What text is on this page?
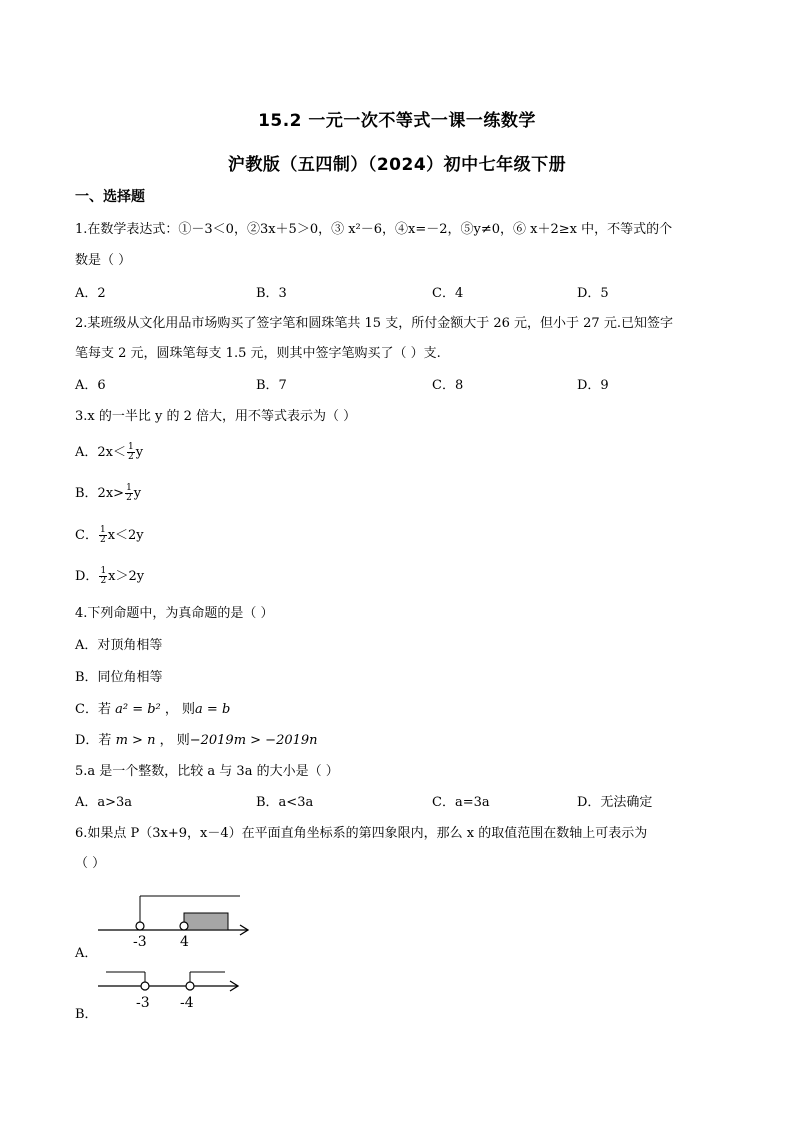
15.2 一元一次不等式一课一练数学
沪教版（五四制）（2024）初中七年级下册
一、选择题
1.在数学表达式：①－3＜0，②3x＋5＞0，③ x²－6，④x=－2，⑤y≠0，⑥ x＋2≥x 中，不等式的个
数是（ ）
A．2	B．3	C．4	D．5
2.某班级从文化用品市场购买了签字笔和圆珠笔共 15 支，所付金额大于 26 元，但小于 27 元.已知签字
笔每支 2 元，圆珠笔每支 1.5 元，则其中签字笔购买了（ ）支.
A．6	B．7	C．8	D．9
3.x 的一半比 y 的 2 倍大，用不等式表示为（ ）
A．$2x< \frac{1}{2}$ y
B．$2x> \frac{1}{2}$ y
C． $\frac{1}{2} x<2y$
D． $\frac{1}{2} x>2y$
4.下列命题中，为真命题的是（ ）
A．对顶角相等
B．同位角相等
C．若 a² = b² ， 则a = b
D．若 m > n ， 则−2019m > −2019n
5.a 是一个整数，比较 a 与 3a 的大小是（ ）
A．a>3a	B．a<3a	C．a=3a	D．无法确定
6.如果点 P（3x+9，x－4）在平面直角坐标系的第四象限内，那么 x 的取值范围在数轴上可表示为
（ ）
A．
-3 4
B．
-3 -4
